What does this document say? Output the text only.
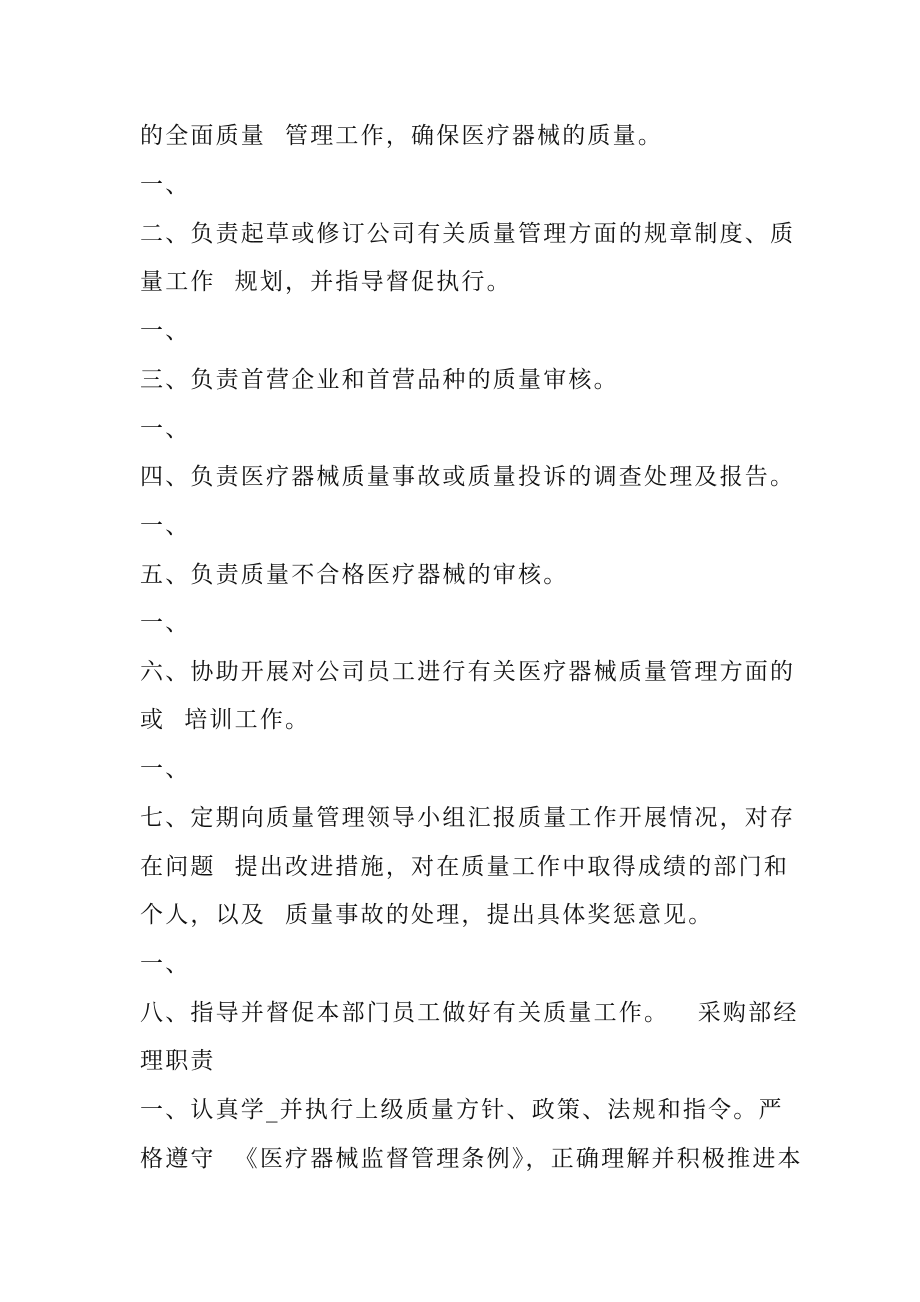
的全面质量  管理工作，确保医疗器械的质量。
一、
二、负责起草或修订公司有关质量管理方面的规章制度、质
量工作  规划，并指导督促执行。
一、
三、负责首营企业和首营品种的质量审核。
一、
四、负责医疗器械质量事故或质量投诉的调查处理及报告。
一、
五、负责质量不合格医疗器械的审核。
一、
六、协助开展对公司员工进行有关医疗器械质量管理方面的
或  培训工作。
一、
七、定期向质量管理领导小组汇报质量工作开展情况，对存
在问题  提出改进措施，对在质量工作中取得成绩的部门和
个人，以及  质量事故的处理，提出具体奖惩意见。
一、
八、指导并督促本部门员工做好有关质量工作。   采购部经
理职责
一、认真学_并执行上级质量方针、政策、法规和指令。严
格遵守  《医疗器械监督管理条例》，正确理解并积极推进本
